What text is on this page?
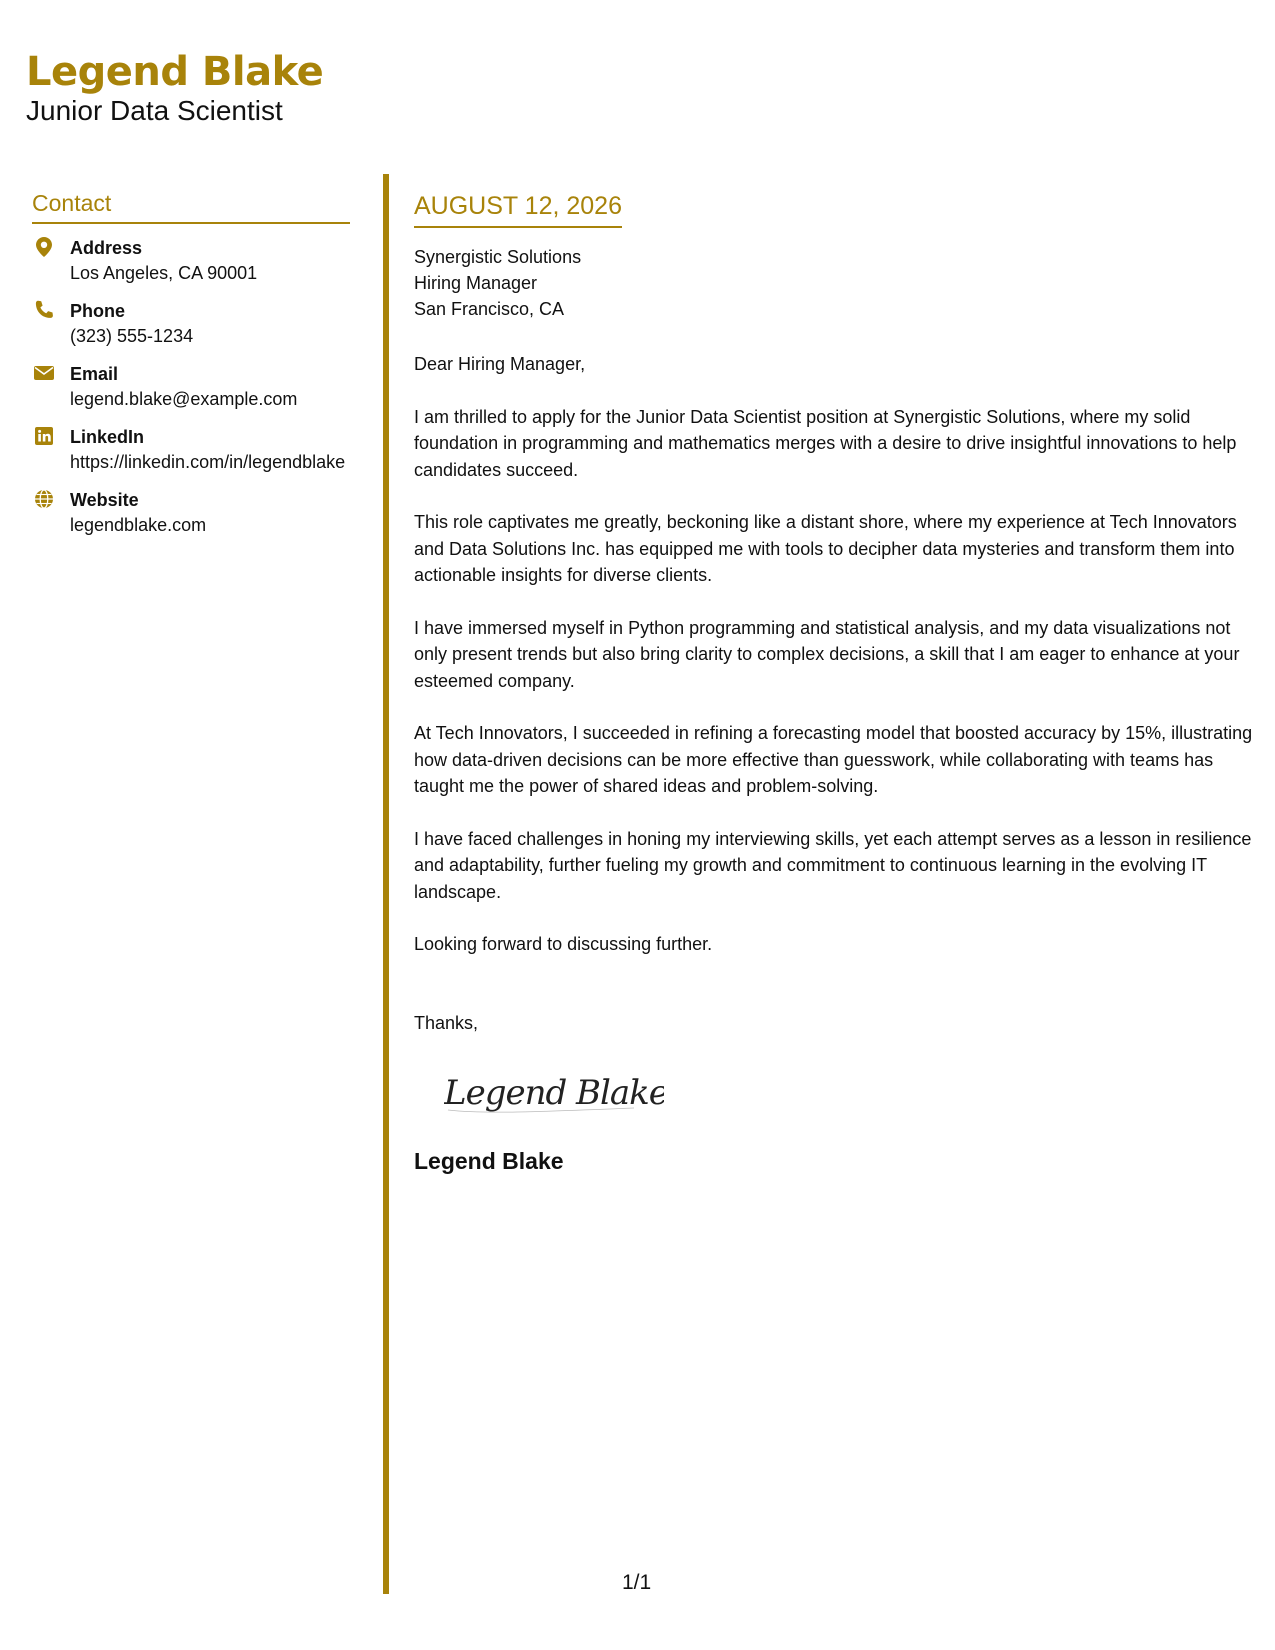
Legend Blake
Junior Data Scientist
Contact
Address
Los Angeles, CA 90001
Phone
(323) 555-1234
Email
legend.blake@example.com
LinkedIn
https://linkedin.com/in/legendblake
Website
legendblake.com
AUGUST 12, 2026
Synergistic Solutions
Hiring Manager
San Francisco, CA
Dear Hiring Manager,
I am thrilled to apply for the Junior Data Scientist position at Synergistic Solutions, where my solid foundation in programming and mathematics merges with a desire to drive insightful innovations to help candidates succeed.
This role captivates me greatly, beckoning like a distant shore, where my experience at Tech Innovators and Data Solutions Inc. has equipped me with tools to decipher data mysteries and transform them into actionable insights for diverse clients.
I have immersed myself in Python programming and statistical analysis, and my data visualizations not only present trends but also bring clarity to complex decisions, a skill that I am eager to enhance at your esteemed company.
At Tech Innovators, I succeeded in refining a forecasting model that boosted accuracy by 15%, illustrating how data-driven decisions can be more effective than guesswork, while collaborating with teams has taught me the power of shared ideas and problem-solving.
I have faced challenges in honing my interviewing skills, yet each attempt serves as a lesson in resilience and adaptability, further fueling my growth and commitment to continuous learning in the evolving IT landscape.
Looking forward to discussing further.
Thanks,
Legend Blake
Legend Blake
1/1
